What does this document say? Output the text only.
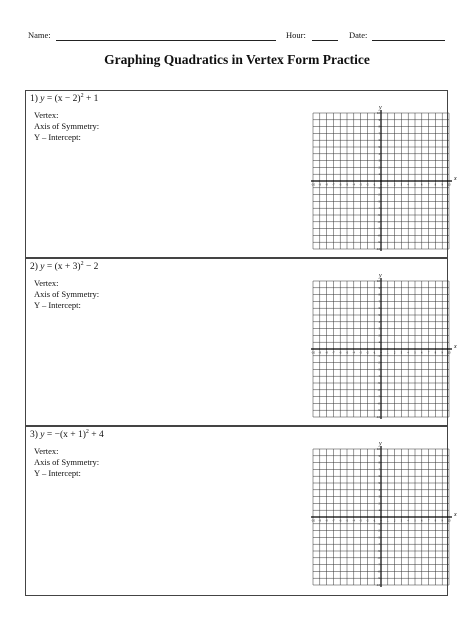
Name:	Hour:	Date:
Graphing Quadratics in Vertex Form Practice
1) $y = (x - 2)^2 + 1$
Vertex:
Axis of Symmetry:
Y – Intercept:
x
y
-10 -9 -8 -7 -6 -5 -4 -3 -2 -1 0 1 2 3 4 5 6 7 8 9 10
10
9
8
7
6
5
4
3
2
1
-1
-2
-3
-4
-5
-6
-7
-8
-9
-10
2) $y = (x + 3)^2 - 2$
Vertex:
Axis of Symmetry:
Y – Intercept:
x
y
-10 -9 -8 -7 -6 -5 -4 -3 -2 -1 0 1 2 3 4 5 6 7 8 9 10
10
9
8
7
6
5
4
3
2
1
-1
-2
-3
-4
-5
-6
-7
-8
-9
-10
3) $y = -(x + 1)^2 + 4$
Vertex:
Axis of Symmetry:
Y – Intercept:
x
y
-10 -9 -8 -7 -6 -5 -4 -3 -2 -1 0 1 2 3 4 5 6 7 8 9 10
10
9
8
7
6
5
4
3
2
1
-1
-2
-3
-4
-5
-6
-7
-8
-9
-10
